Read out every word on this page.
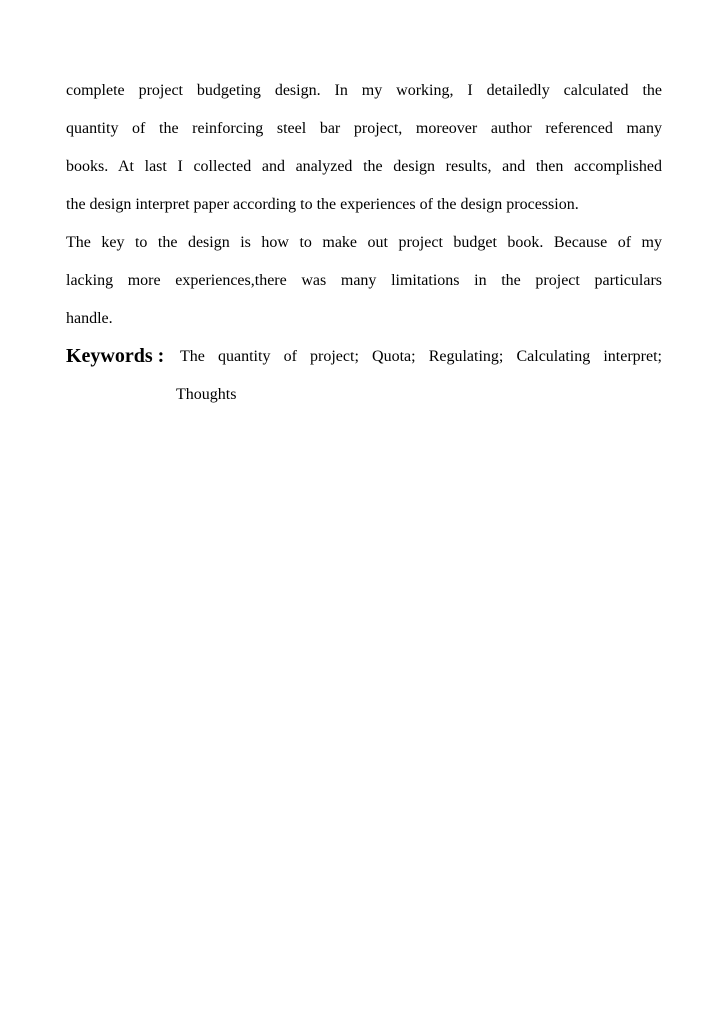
complete project budgeting design. In my working, I detailedly calculated the
quantity of the reinforcing steel bar project, moreover author referenced many
books. At last I collected and analyzed the design results, and then accomplished
the design interpret paper according to the experiences of the design procession.
The key to the design is how to make out project budget book. Because of my
lacking more experiences,there was many limitations in the project particulars
handle.
Keywords : The quantity of project; Quota; Regulating; Calculating interpret;
Thoughts
